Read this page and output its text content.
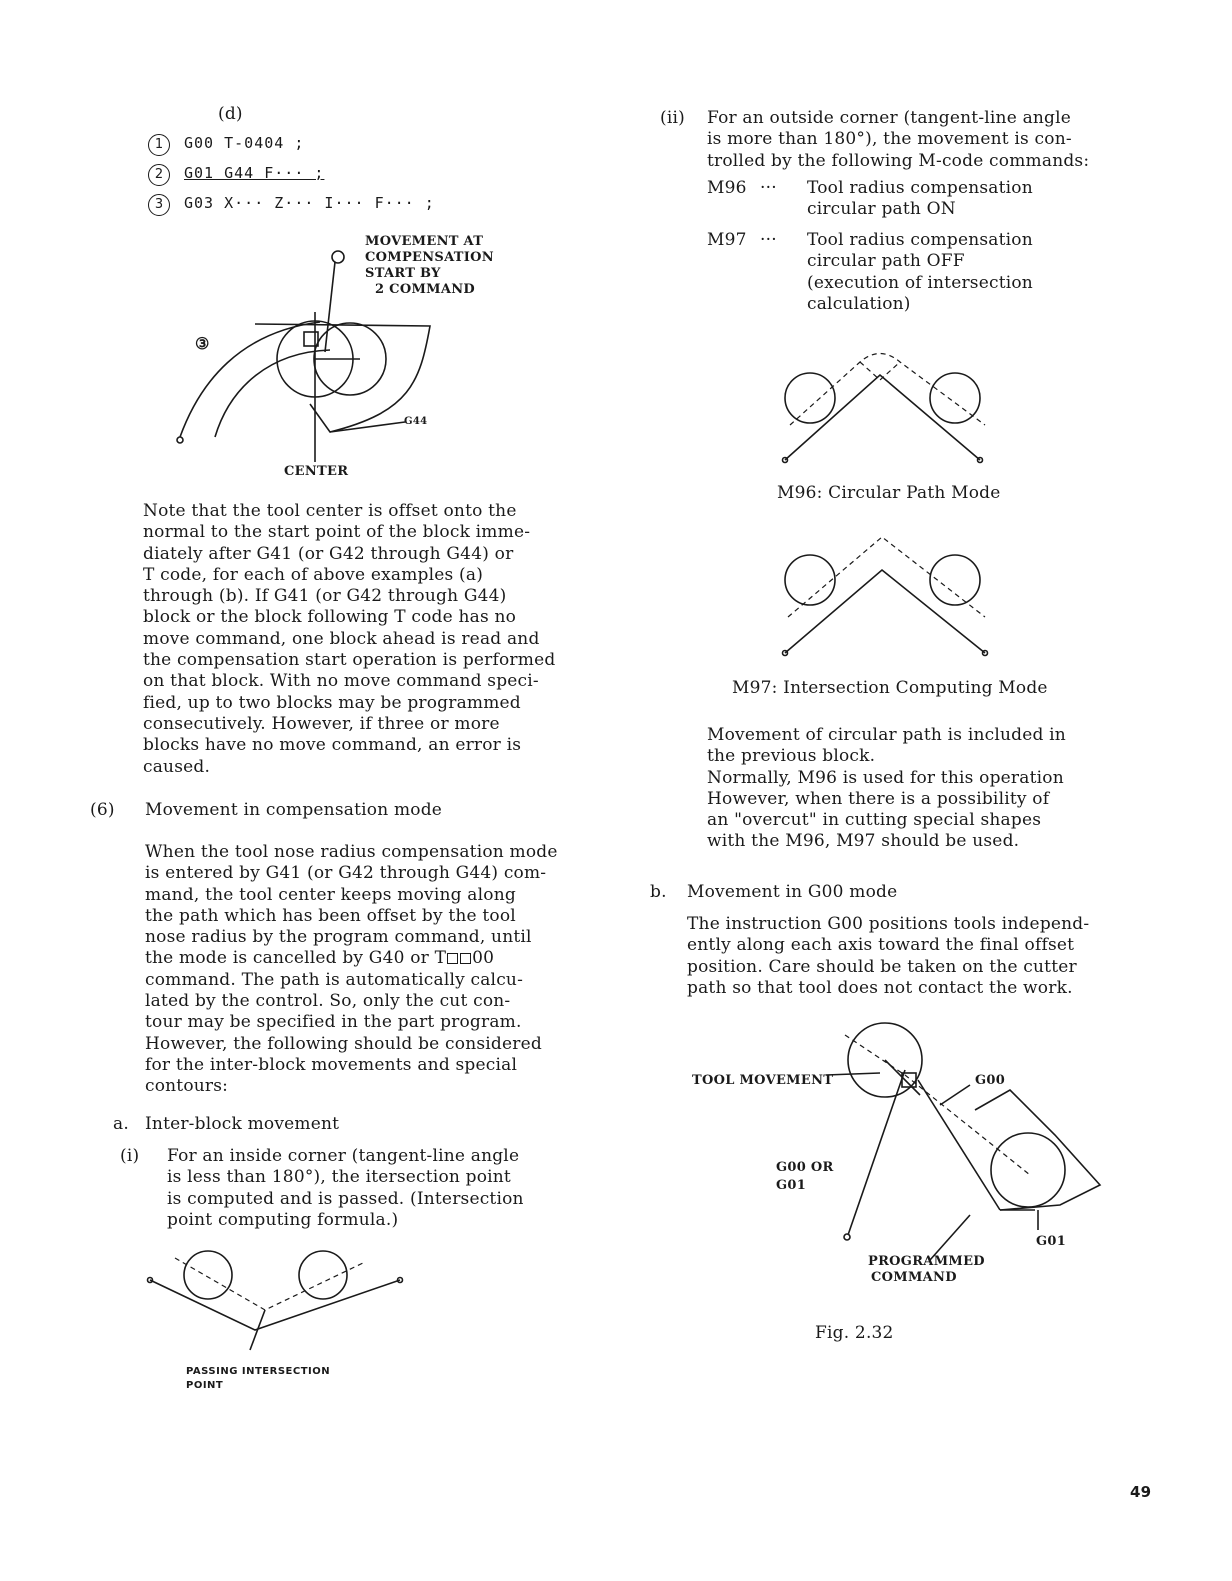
(d)
1 G00 T-0404 ;
2 G01 G44 F··· ;
3 G03 X··· Z··· I··· F··· ;
MOVEMENT AT
COMPENSATION
START BY
2 COMMAND
③
G44
CENTER
Note that the tool center is offset onto the
normal to the start point of the block imme-
diately after G41 (or G42 through G44) or
T code, for each of above examples (a)
through (b). If G41 (or G42 through G44)
block or the block following T code has no
move command, one block ahead is read and
the compensation start operation is performed
on that block. With no move command speci-
fied, up to two blocks may be programmed
consecutively. However, if three or more
blocks have no move command, an error is
caused.
(6) Movement in compensation mode
When the tool nose radius compensation mode
is entered by G41 (or G42 through G44) com-
mand, the tool center keeps moving along
the path which has been offset by the tool
nose radius by the program command, until
the mode is cancelled by G40 or T 00
command. The path is automatically calcu-
lated by the control. So, only the cut con-
tour may be specified in the part program.
However, the following should be considered
for the inter-block movements and special
contours:
a. Inter-block movement
(i) For an inside corner (tangent-line angle
is less than 180°), the itersection point
is computed and is passed. (Intersection
point computing formula.)
PASSING INTERSECTION
POINT
(ii) For an outside corner (tangent-line angle
is more than 180°), the movement is con-
trolled by the following M-code commands:
M96 ··· Tool radius compensation
circular path ON
M97 ··· Tool radius compensation
circular path OFF
(execution of intersection
calculation)
M96: Circular Path Mode
M97: Intersection Computing Mode
Movement of circular path is included in
the previous block.
Normally, M96 is used for this operation
However, when there is a possibility of
an "overcut" in cutting special shapes
with the M96, M97 should be used.
b. Movement in G00 mode
The instruction G00 positions tools independ-
ently along each axis toward the final offset
position. Care should be taken on the cutter
path so that tool does not contact the work.
TOOL MOVEMENT	G00
G00 OR
G01
PROGRAMMED
COMMAND
G01
Fig. 2.32
49
